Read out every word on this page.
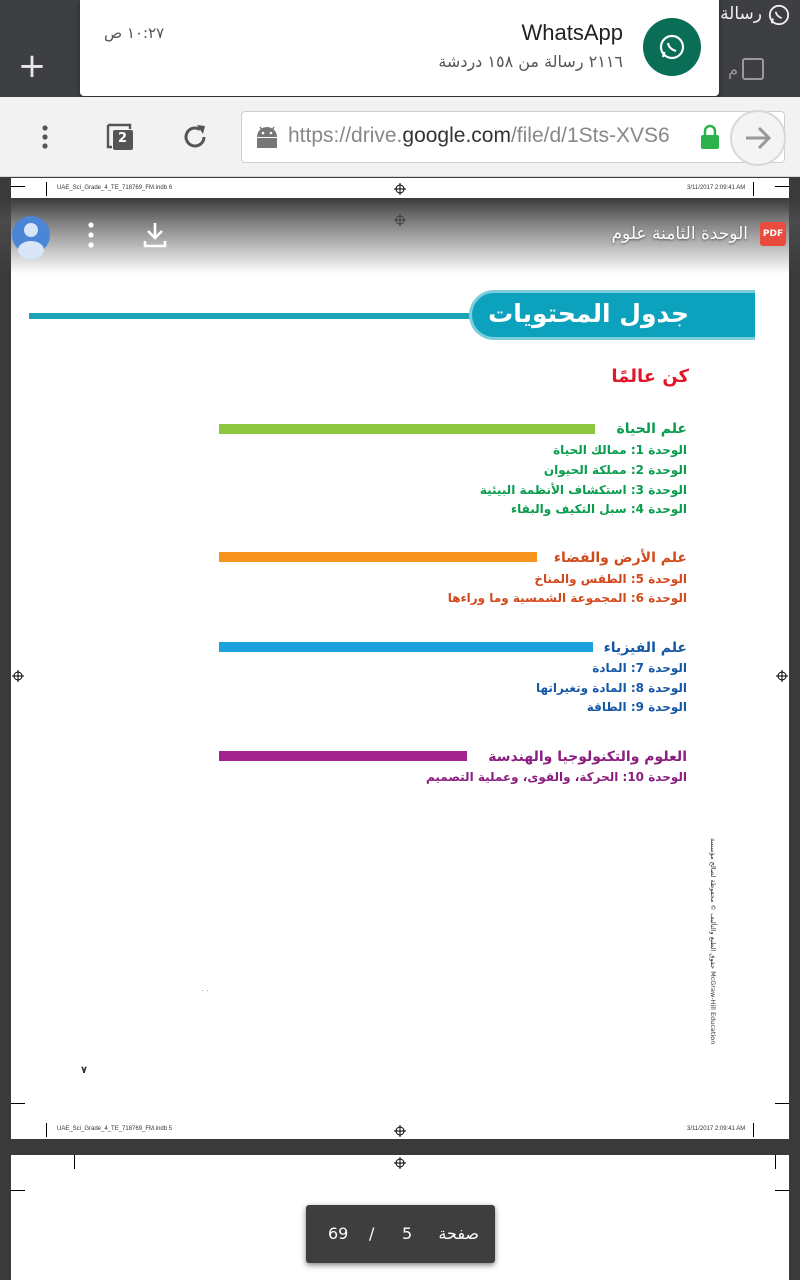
+
رسالة
م
WhatsApp
٢١١٦ رسالة من ١٥٨ دردشة
١٠:٢٧ ص
2	https://drive.google.com/file/d/1Sts-XVS6
UAE_Sci_Grade_4_TE_718769_FM.indb 6	3/11/2017 2:09:41 AM
UAE_Sci_Grade_4_TE_718769_FM.indb 5	3/11/2017 2:09:41 AM
جدول المحتويات
كن عالمًا
علم الحياة
الوحدة 1: ممالك الحياة
الوحدة 2: مملكة الحيوان
الوحدة 3: استكشاف الأنظمة البيئية
الوحدة 4: سبل التكيف والبقاء
علم الأرض والفضاء
الوحدة 5: الطقس والمناخ
الوحدة 6: المجموعة الشمسية وما وراءها
علم الفيزياء
الوحدة 7: المادة
الوحدة 8: المادة وتغيراتها
الوحدة 9: الطاقة
العلوم والتكنولوجيا والهندسة
الوحدة 10: الحركة، والقوى، وعملية التصميم
حقوق الطبع والتأليف © محفوظة لصالح مؤسسة McGraw-Hill Education
. .
٧
الوحدة الثامنة علوم	PDF
صفحة
5
/
69
